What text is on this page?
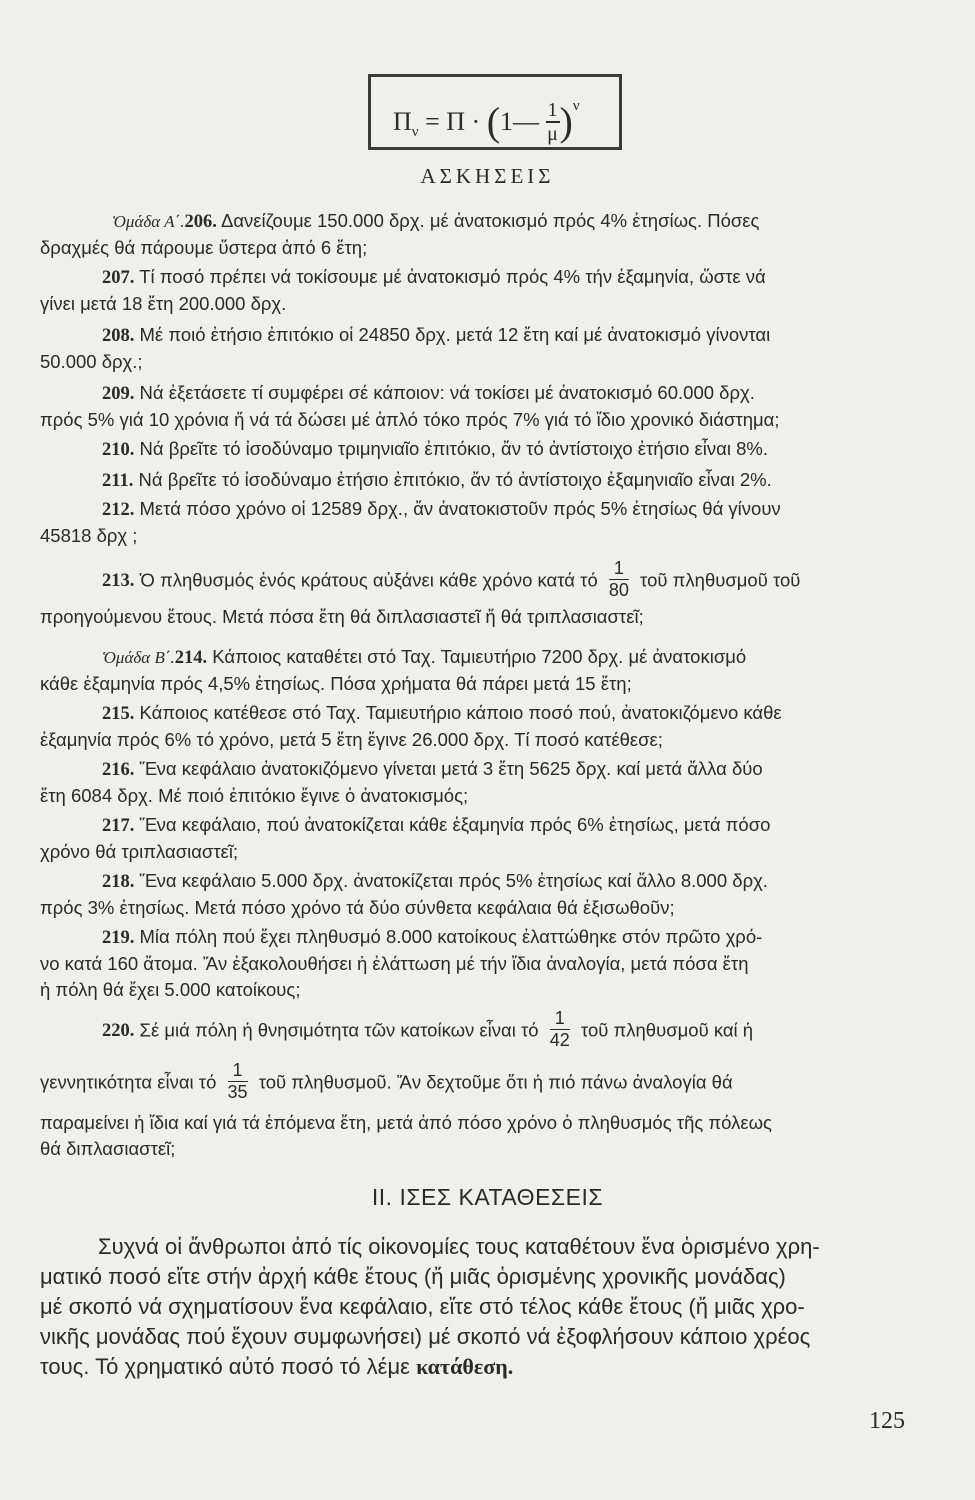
$\Pi_\nu = \Pi$ · (1— $\frac{1}{\mu} )^\nu$
ΑΣΚΗΣΕΙΣ

Ὁμάδα Α΄.206. Δανείζουμε 150.000 δρχ. μέ ἀνατοκισμό πρός 4% ἐτησίως. Πόσες
δραχμές θά πάρουμε ὕστερα ἀπό 6 ἔτη;

207. Τί ποσό πρέπει νά τοκίσουμε μέ ἀνατοκισμό πρός 4% τήν ἑξαμηνία, ὥστε νά
γίνει μετά 18 ἔτη 200.000 δρχ.

208. Μέ ποιό ἐτήσιο ἐπιτόκιο οἱ 24850 δρχ. μετά 12 ἔτη καί μέ ἀνατοκισμό γίνονται
50.000 δρχ.;

209. Νά ἐξετάσετε τί συμφέρει σέ κάποιον: νά τοκίσει μέ ἀνατοκισμό 60.000 δρχ.
πρός 5% γιά 10 χρόνια ἤ νά τά δώσει μέ ἁπλό τόκο πρός 7% γιά τό ἴδιο χρονικό διάστημα;

210. Νά βρεῖτε τό ἰσοδύναμο τριμηνιαῖο ἐπιτόκιο, ἄν τό ἀντίστοιχο ἐτήσιο εἶναι 8%.

211. Νά βρεῖτε τό ἰσοδύναμο ἐτήσιο ἐπιτόκιο, ἄν τό ἀντίστοιχο ἑξαμηνιαῖο εἶναι 2%.

212. Μετά πόσο χρόνο οἱ 12589 δρχ., ἄν ἀνατοκιστοῦν πρός 5% ἐτησίως θά γίνουν
45818 δρχ ;

213. Ὁ πληθυσμός ἑνός κράτους αὐξάνει κάθε χρόνο κατά τό $\frac{1}{80}$ τοῦ πληθυσμοῦ τοῦ

προηγούμενου ἔτους. Μετά πόσα ἔτη θά διπλασιαστεῖ ἤ θά τριπλασιαστεῖ;

Ὁμάδα Β΄.214. Κάποιος καταθέτει στό Ταχ. Ταμιευτήριο 7200 δρχ. μέ ἀνατοκισμό
κάθε ἑξαμηνία πρός 4,5% ἐτησίως. Πόσα χρήματα θά πάρει μετά 15 ἔτη;

215. Κάποιος κατέθεσε στό Ταχ. Ταμιευτήριο κάποιο ποσό πού, ἀνατοκιζόμενο κάθε
ἑξαμηνία πρός 6% τό χρόνο, μετά 5 ἔτη ἔγινε 26.000 δρχ. Τί ποσό κατέθεσε;

216. Ἕνα κεφάλαιο ἀνατοκιζόμενο γίνεται μετά 3 ἔτη 5625 δρχ. καί μετά ἄλλα δύο
ἔτη 6084 δρχ. Μέ ποιό ἐπιτόκιο ἔγινε ὁ ἀνατοκισμός;

217. Ἕνα κεφάλαιο, πού ἀνατοκίζεται κάθε ἑξαμηνία πρός 6% ἐτησίως, μετά πόσο
χρόνο θά τριπλασιαστεῖ;

218. Ἕνα κεφάλαιο 5.000 δρχ. ἀνατοκίζεται πρός 5% ἐτησίως καί ἄλλο 8.000 δρχ.
πρός 3% ἐτησίως. Μετά πόσο χρόνο τά δύο σύνθετα κεφάλαια θά ἐξισωθοῦν;

219. Μία πόλη πού ἔχει πληθυσμό 8.000 κατοίκους ἐλαττώθηκε στόν πρῶτο χρό-
νο κατά 160 ἄτομα. Ἄν ἐξακολουθήσει ἡ ἐλάττωση μέ τήν ἴδια ἀναλογία, μετά πόσα ἔτη
ἡ πόλη θά ἔχει 5.000 κατοίκους;

220. Σέ μιά πόλη ἡ θνησιμότητα τῶν κατοίκων εἶναι τό $\frac{1}{42}$ τοῦ πληθυσμοῦ καί ἡ

γεννητικότητα εἶναι τό $\frac{1}{35}$ τοῦ πληθυσμοῦ. Ἄν δεχτοῦμε ὅτι ἡ πιό πάνω ἀναλογία θά

παραμείνει ἡ ἴδια καί γιά τά ἑπόμενα ἔτη, μετά ἀπό πόσο χρόνο ὁ πληθυσμός τῆς πόλεως
θά διπλασιαστεῖ;

ΙΙ. ΙΣΕΣ ΚΑΤΑΘΕΣΕΙΣ

Συχνά οἱ ἄνθρωποι ἀπό τίς οἰκονομίες τους καταθέτουν ἕνα ὁρισμένο χρη-
ματικό ποσό εἴτε στήν ἀρχή κάθε ἔτους (ἤ μιᾶς ὁρισμένης χρονικῆς μονάδας)
μέ σκοπό νά σχηματίσουν ἕνα κεφάλαιο, εἴτε στό τέλος κάθε ἔτους (ἤ μιᾶς χρο-
νικῆς μονάδας πού ἔχουν συμφωνήσει) μέ σκοπό νά ἐξοφλήσουν κάποιο χρέος
τους. Τό χρηματικό αὐτό ποσό τό λέμε κατάθεση.

125
